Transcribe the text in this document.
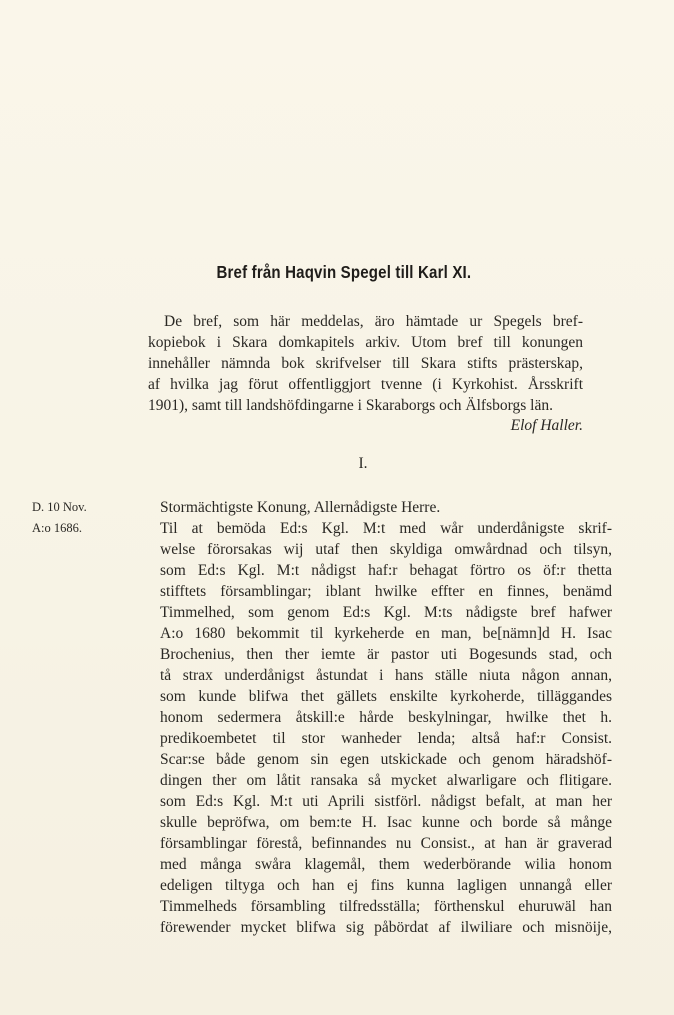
Bref från Haqvin Spegel till Karl XI.
De bref, som här meddelas, äro hämtade ur Spegels bref-
kopiebok i Skara domkapitels arkiv. Utom bref till konungen
innehåller nämnda bok skrifvelser till Skara stifts prästerskap,
af hvilka jag förut offentliggjort tvenne (i Kyrkohist. Årsskrift
1901), samt till landshöfdingarne i Skaraborgs och Älfsborgs län.
Elof Haller.
I.
D. 10 Nov.
A:o 1686.
Stormächtigste Konung, Allernådigste Herre.
Til at bemöda Ed:s Kgl. M:t med wår underdånigste skrif-
welse förorsakas wij utaf then skyldiga omwårdnad och tilsyn,
som Ed:s Kgl. M:t nådigst haf:r behagat förtro os öf:r thetta
stifftets församblingar; iblant hwilke effter en finnes, benämd
Timmelhed, som genom Ed:s Kgl. M:ts nådigste bref hafwer
A:o 1680 bekommit til kyrkeherde en man, be[nämn]d H. Isac
Brochenius, then ther iemte är pastor uti Bogesunds stad, och
tå strax underdånigst åstundat i hans ställe niuta någon annan,
som kunde blifwa thet gällets enskilte kyrkoherde, tilläggandes
honom sedermera åtskill:e hårde beskylningar, hwilke thet h.
predikoembetet til stor wanheder lenda; altså haf:r Consist.
Scar:se både genom sin egen utskickade och genom häradshöf-
dingen ther om låtit ransaka så mycket alwarligare och flitigare.
som Ed:s Kgl. M:t uti Aprili sistförl. nådigst befalt, at man her
skulle bepröfwa, om bem:te H. Isac kunne och borde så månge
församblingar förestå, befinnandes nu Consist., at han är graverad
med många swåra klagemål, them wederbörande wilia honom
edeligen tiltyga och han ej fins kunna lagligen unnangå eller
Timmelheds försambling tilfredsställa; förthenskul ehuruwäl han
förewender mycket blifwa sig påbördat af ilwiliare och misnöije,
